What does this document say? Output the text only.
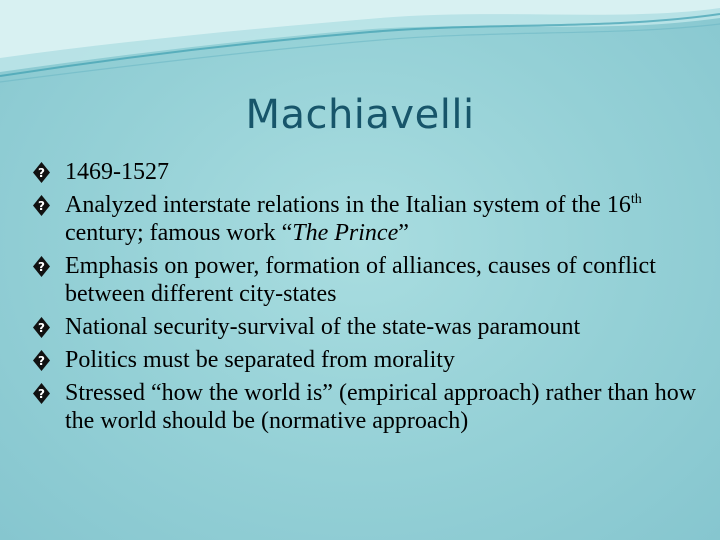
Machiavelli
? 1469-1527
? Analyzed interstate relations in the Italian system of the 16th century; famous work “The Prince”
? Emphasis on power, formation of alliances, causes of conflict between different city-states
? National security-survival of the state-was paramount
? Politics must be separated from morality
? Stressed “how the world is” (empirical approach) rather than how the world should be (normative approach)
